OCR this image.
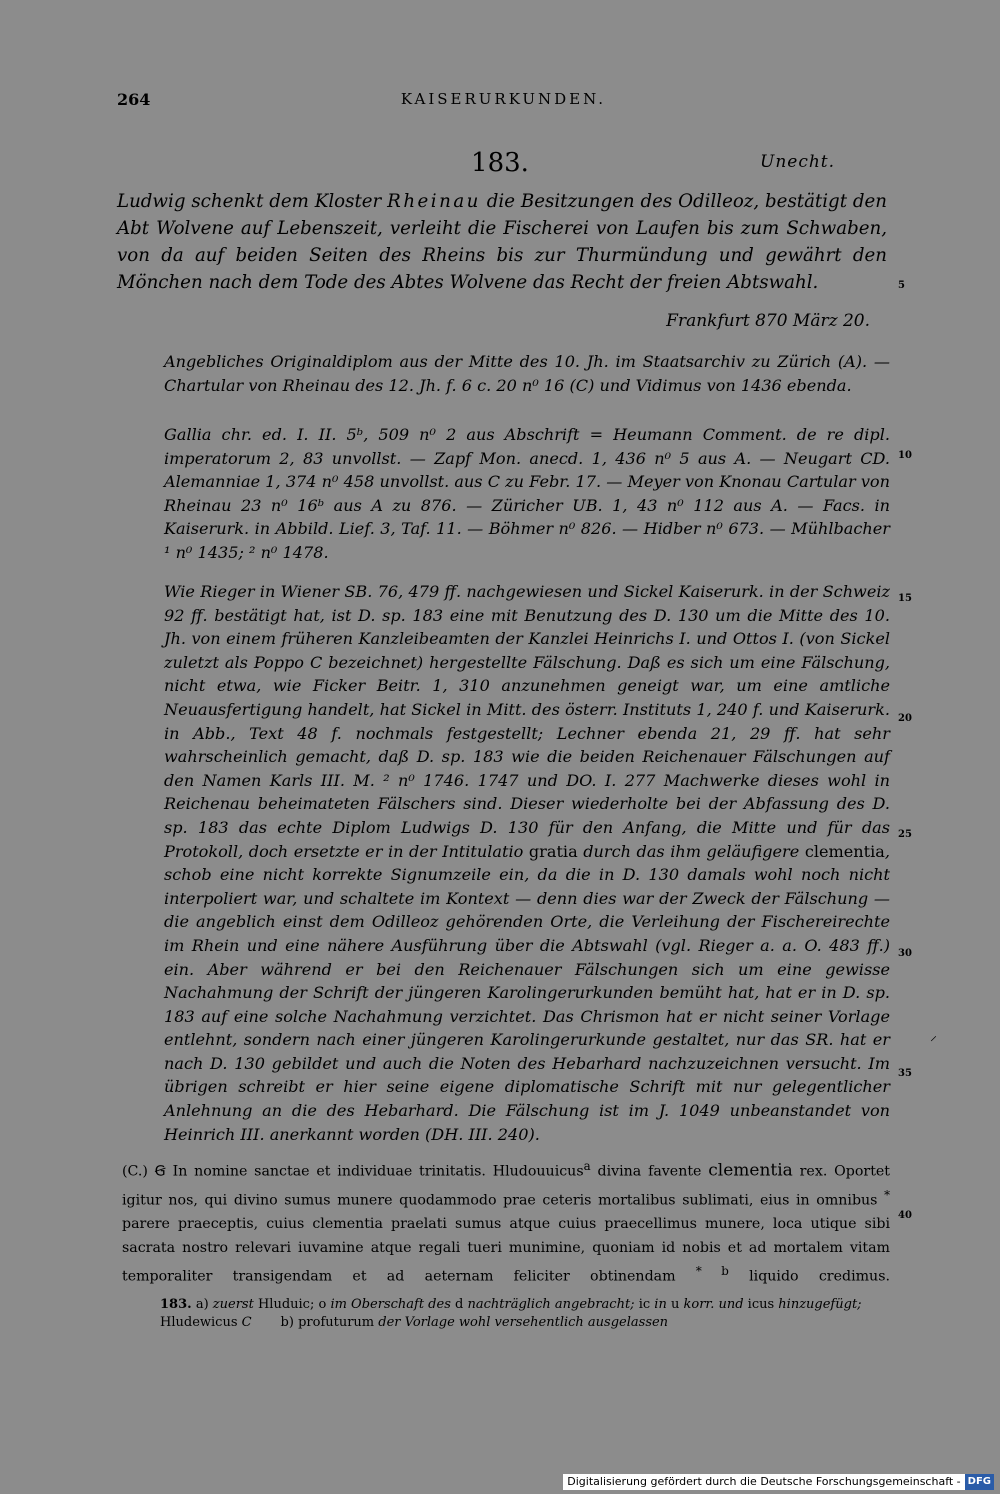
264	KAISERURKUNDEN.
183.	Unecht.
Ludwig schenkt dem Kloster Rheinau die Besitzungen des Odilleoz, bestätigt den Abt Wolvene auf Lebenszeit, verleiht die Fischerei von Laufen bis zum Schwaben, von da auf beiden Seiten des Rheins bis zur Thurmündung und gewährt den Mönchen nach dem Tode des Abtes Wolvene das Recht der freien Abtswahl.
Frankfurt 870 März 20.

Angebliches Originaldiplom aus der Mitte des 10. Jh. im Staatsarchiv zu Zürich (A). — Chartular von Rheinau des 12. Jh. f. 6 c. 20 n⁰ 16 (C) und Vidimus von 1436 ebenda.

Gallia chr. ed. I. II. 5ᵇ, 509 n⁰ 2 aus Abschrift = Heumann Comment. de re dipl. imperatorum 2, 83 unvollst. — Zapf Mon. anecd. 1, 436 n⁰ 5 aus A. — Neugart CD. Alemanniae 1, 374 n⁰ 458 unvollst. aus C zu Febr. 17. — Meyer von Knonau Cartular von Rheinau 23 n⁰ 16ᵇ aus A zu 876. — Züricher UB. 1, 43 n⁰ 112 aus A. — Facs. in Kaiserurk. in Abbild. Lief. 3, Taf. 11. — Böhmer n⁰ 826. — Hidber n⁰ 673. — Mühlbacher ¹ n⁰ 1435; ² n⁰ 1478.

Wie Rieger in Wiener SB. 76, 479 ff. nachgewiesen und Sickel Kaiserurk. in der Schweiz 92 ff. bestätigt hat, ist D. sp. 183 eine mit Benutzung des D. 130 um die Mitte des 10. Jh. von einem früheren Kanzleibeamten der Kanzlei Heinrichs I. und Ottos I. (von Sickel zuletzt als Poppo C bezeichnet) hergestellte Fälschung. Daß es sich um eine Fälschung, nicht etwa, wie Ficker Beitr. 1, 310 anzunehmen geneigt war, um eine amtliche Neuausfertigung handelt, hat Sickel in Mitt. des österr. Instituts 1, 240 f. und Kaiserurk. in Abb., Text 48 f. nochmals festgestellt; Lechner ebenda 21, 29 ff. hat sehr wahrscheinlich gemacht, daß D. sp. 183 wie die beiden Reichenauer Fälschungen auf den Namen Karls III. M. ² n⁰ 1746. 1747 und DO. I. 277 Machwerke dieses wohl in Reichenau beheimateten Fälschers sind. Dieser wiederholte bei der Abfassung des D. sp. 183 das echte Diplom Ludwigs D. 130 für den Anfang, die Mitte und für das Protokoll, doch ersetzte er in der Intitulatio gratia durch das ihm geläufigere clementia, schob eine nicht korrekte Signumzeile ein, da die in D. 130 damals wohl noch nicht interpoliert war, und schaltete im Kontext — denn dies war der Zweck der Fälschung — die angeblich einst dem Odilleoz gehörenden Orte, die Verleihung der Fischereirechte im Rhein und eine nähere Ausführung über die Abtswahl (vgl. Rieger a. a. O. 483 ff.) ein. Aber während er bei den Reichenauer Fälschungen sich um eine gewisse Nachahmung der Schrift der jüngeren Karolingerurkunden bemüht hat, hat er in D. sp. 183 auf eine solche Nachahmung verzichtet. Das Chrismon hat er nicht seiner Vorlage entlehnt, sondern nach einer jüngeren Karolingerurkunde gestaltet, nur das SR. hat er nach D. 130 gebildet und auch die Noten des Hebarhard nachzuzeichnen versucht. Im übrigen schreibt er hier seine eigene diplomatische Schrift mit nur gelegentlicher Anlehnung an die des Hebarhard. Die Fälschung ist im J. 1049 unbeanstandet von Heinrich III. anerkannt worden (DH. III. 240).

5
10
15
20
25
30
35
40
⸍
(C.) Ꞡ In nomine sanctae et individuae trinitatis. Hludouuicus$^a$ divina favente clementia rex. Oportet igitur nos, qui divino sumus munere quodammodo prae ceteris mortalibus sublimati, eius in omnibus * parere praeceptis, cuius clementia praelati sumus atque cuius praecellimus munere, loca utique sibi sacrata nostro relevari iuvamine atque regali tueri munimine, quoniam id nobis et ad mortalem vitam temporaliter transigendam et ad aeternam feliciter obtinendam $^{* b}$ liquido credimus.
183. a) zuerst Hluduic; o im Oberschaft des d nachträglich angebracht; ic in u korr. und icus hinzugefügt; Hludewicus C b) profuturum der Vorlage wohl versehentlich ausgelassen
Digitalisierung gefördert durch die Deutsche Forschungsgemeinschaft - DFG
